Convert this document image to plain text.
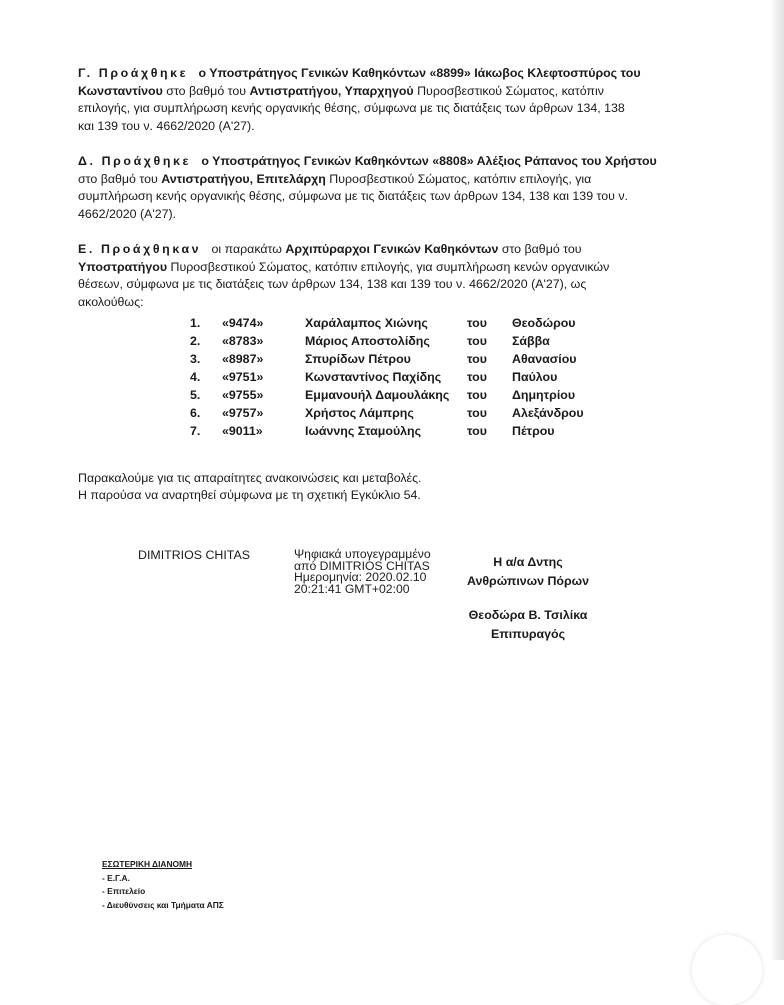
Γ. Προάχθηκε ο Υποστράτηγος Γενικών Καθηκόντων «8899» Ιάκωβος Κλεφτοσπύρος του
Κωνσταντίνου στο βαθμό του Αντιστρατήγου, Υπαρχηγού Πυροσβεστικού Σώματος, κατόπιν
επιλογής, για συμπλήρωση κενής οργανικής θέσης, σύμφωνα με τις διατάξεις των άρθρων 134, 138
και 139 του ν. 4662/2020 (Α'27).
Δ. Προάχθηκε ο Υποστράτηγος Γενικών Καθηκόντων «8808» Αλέξιος Ράπανος του Χρήστου
στο βαθμό του Αντιστρατήγου, Επιτελάρχη Πυροσβεστικού Σώματος, κατόπιν επιλογής, για
συμπλήρωση κενής οργανικής θέσης, σύμφωνα με τις διατάξεις των άρθρων 134, 138 και 139 του ν.
4662/2020 (Α'27).
Ε. Προάχθηκαν οι παρακάτω Αρχιπύραρχοι Γενικών Καθηκόντων στο βαθμό του
Υποστρατήγου Πυροσβεστικού Σώματος, κατόπιν επιλογής, για συμπλήρωση κενών οργανικών
θέσεων, σύμφωνα με τις διατάξεις των άρθρων 134, 138 και 139 του ν. 4662/2020 (Α'27), ως
ακολούθως:
1. «9474»	Χαράλαμπος Χιώνης	του Θεοδώρου
2. «8783»	Μάριος Αποστολίδης	του Σάββα
3. «8987»	Σπυρίδων Πέτρου	του Αθανασίου
4. «9751»	Κωνσταντίνος Παχίδης του Παύλου
5. «9755»	Εμμανουήλ Δαμουλάκης του Δημητρίου
6. «9757»	Χρήστος Λάμπρης	του Αλεξάνδρου
7. «9011»	Ιωάννης Σταμούλης	του Πέτρου
Παρακαλούμε για τις απαραίτητες ανακοινώσεις και μεταβολές.
Η παρούσα να αναρτηθεί σύμφωνα με τη σχετική Εγκύκλιο 54.
DIMITRIOS CHITAS	Ψηφιακά υπογεγραμμένο
από DIMITRIOS CHITAS
Ημερομηνία: 2020.02.10
20:21:41 GMT+02:00
Η α/α Δντης
Ανθρώπινων Πόρων
Θεοδώρα Β. Τσιλίκα
Επιπυραγός
ΕΣΩΤΕΡΙΚΗ ΔΙΑΝΟΜΗ
- Ε.Γ.Α.
- Επιτελείο
- Διευθύνσεις και Τμήματα ΑΠΣ
